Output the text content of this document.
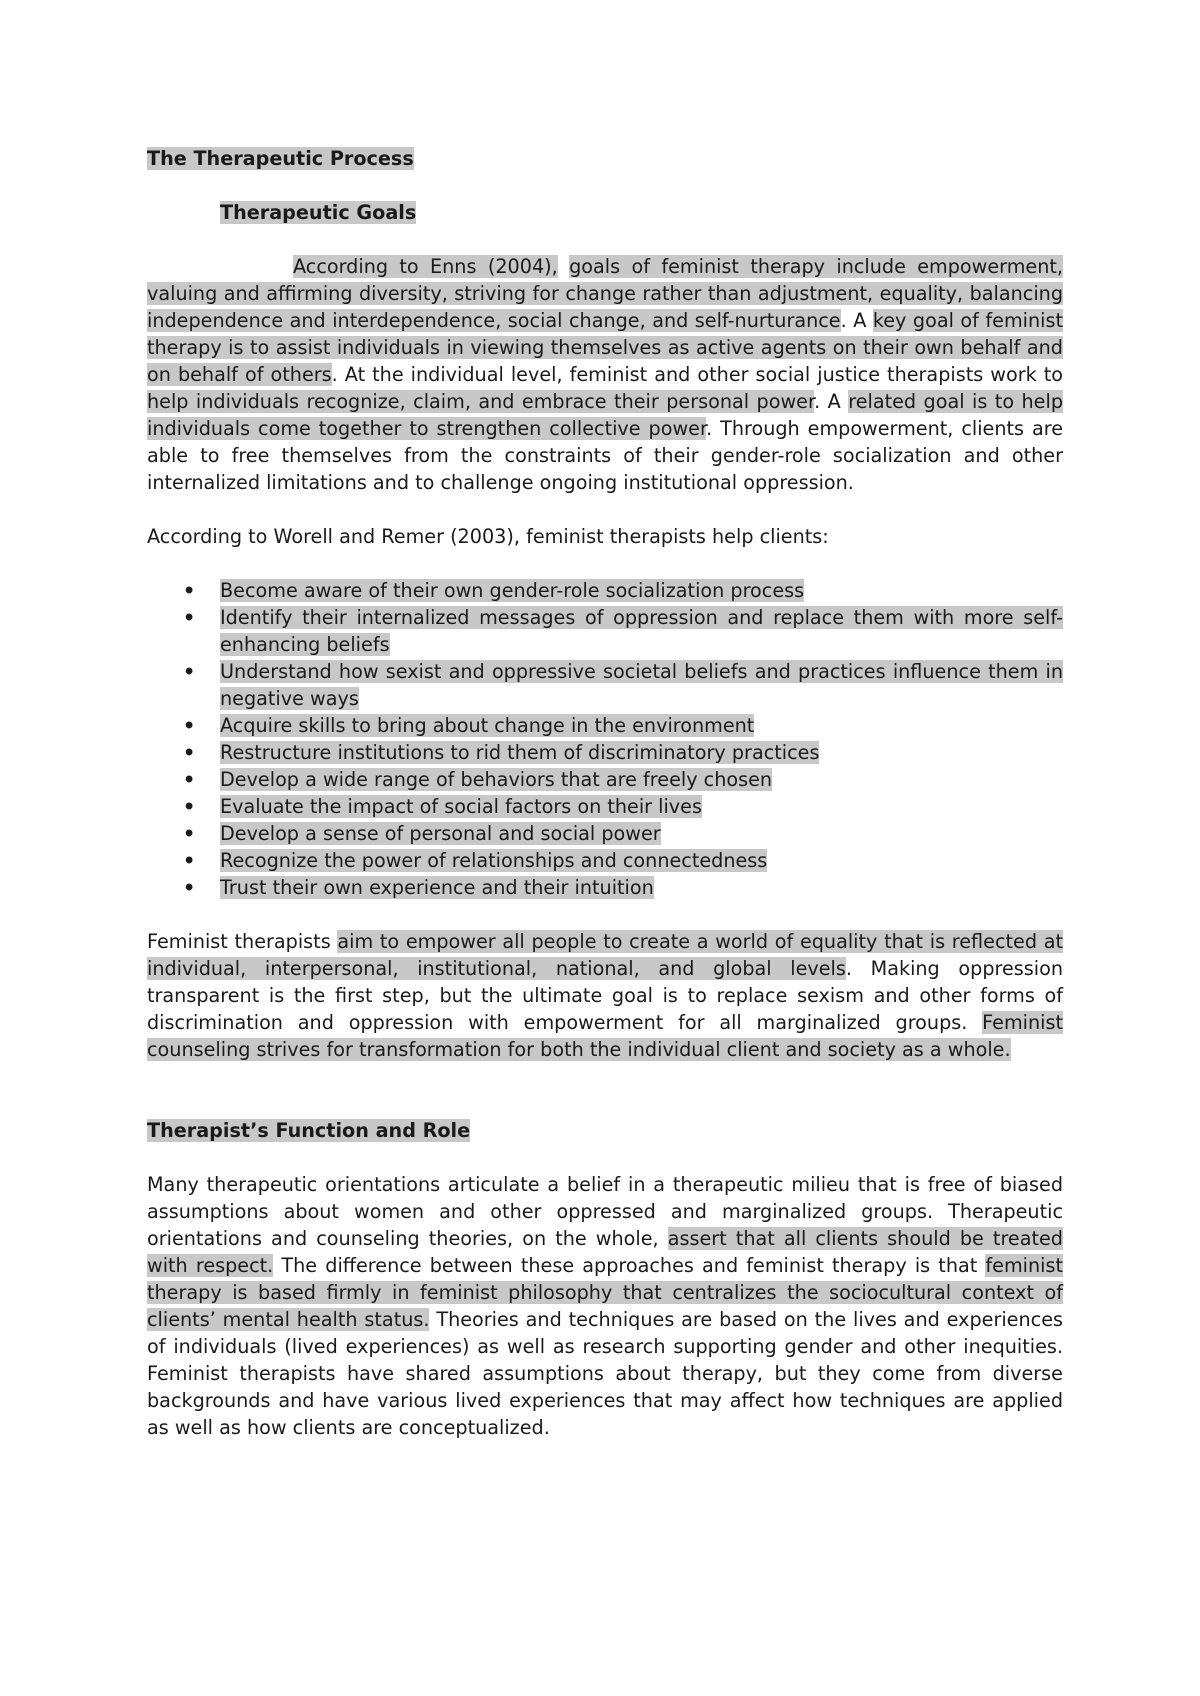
The Therapeutic Process
Therapeutic Goals

According to Enns (2004), goals of feminist therapy include empowerment, valuing and affirming diversity, striving for change rather than adjustment, equality, balancing independence and interdependence, social change, and self-nurturance. A key goal of feminist therapy is to assist individuals in viewing themselves as active agents on their own behalf and on behalf of others. At the individual level, feminist and other social justice therapists work to help individuals recognize, claim, and embrace their personal power. A related goal is to help individuals come together to strengthen collective power. Through empowerment, clients are able to free themselves from the constraints of their gender-role socialization and other internalized limitations and to challenge ongoing institutional oppression.

According to Worell and Remer (2003), feminist therapists help clients:

• Become aware of their own gender-role socialization process
• Identify their internalized messages of oppression and replace them with more self-enhancing beliefs
• Understand how sexist and oppressive societal beliefs and practices influence them in negative ways
• Acquire skills to bring about change in the environment
• Restructure institutions to rid them of discriminatory practices
• Develop a wide range of behaviors that are freely chosen
• Evaluate the impact of social factors on their lives
• Develop a sense of personal and social power
• Recognize the power of relationships and connectedness
• Trust their own experience and their intuition

Feminist therapists aim to empower all people to create a world of equality that is reflected at individual, interpersonal, institutional, national, and global levels. Making oppression transparent is the first step, but the ultimate goal is to replace sexism and other forms of discrimination and oppression with empowerment for all marginalized groups. Feminist counseling strives for transformation for both the individual client and society as a whole.

Therapist’s Function and Role

Many therapeutic orientations articulate a belief in a therapeutic milieu that is free of biased assumptions about women and other oppressed and marginalized groups. Therapeutic orientations and counseling theories, on the whole, assert that all clients should be treated with respect. The difference between these approaches and feminist therapy is that feminist therapy is based firmly in feminist philosophy that centralizes the sociocultural context of clients’ mental health status. Theories and techniques are based on the lives and experiences of individuals (lived experiences) as well as research supporting gender and other inequities. Feminist therapists have shared assumptions about therapy, but they come from diverse backgrounds and have various lived experiences that may affect how techniques are applied as well as how clients are conceptualized.
